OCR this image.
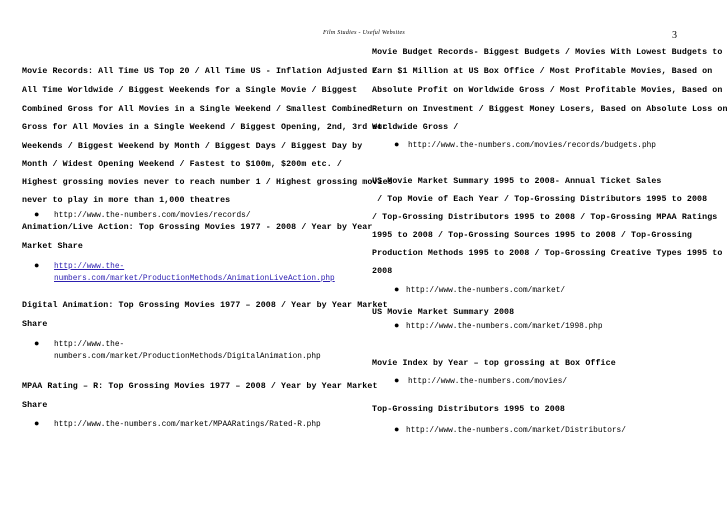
Film Studies - Useful Websites	3
Movie Records: All Time US Top 20 / All Time US - Inflation Adjusted /
All Time Worldwide / Biggest Weekends for a Single Movie / Biggest
Combined Gross for All Movies in a Single Weekend / Smallest Combined
Gross for All Movies in a Single Weekend / Biggest Opening, 2nd, 3rd etc.
Weekends / Biggest Weekend by Month / Biggest Days / Biggest Day by
Month / Widest Opening Weekend / Fastest to $100m, $200m etc. /
Highest grossing movies never to reach number 1 / Highest grossing movies
never to play in more than 1,000 theatres
● http://www.the-numbers.com/movies/records/
Animation/Live Action: Top Grossing Movies 1977 - 2008 / Year by Year
Market Share
● http://www.the-
numbers.com/market/ProductionMethods/AnimationLiveAction.php
Digital Animation: Top Grossing Movies 1977 – 2008 / Year by Year Market
Share
● http://www.the-
numbers.com/market/ProductionMethods/DigitalAnimation.php
MPAA Rating – R: Top Grossing Movies 1977 – 2008 / Year by Year Market
Share
● http://www.the-numbers.com/market/MPAARatings/Rated-R.php
Movie Budget Records- Biggest Budgets / Movies With Lowest Budgets to
Earn $1 Million at US Box Office / Most Profitable Movies, Based on
Absolute Profit on Worldwide Gross / Most Profitable Movies, Based on
Return on Investment / Biggest Money Losers, Based on Absolute Loss on
Worldwide Gross /
● http://www.the-numbers.com/movies/records/budgets.php
US Movie Market Summary 1995 to 2008- Annual Ticket Sales
/ Top Movie of Each Year / Top-Grossing Distributors 1995 to 2008
/ Top-Grossing Distributors 1995 to 2008 / Top-Grossing MPAA Ratings
1995 to 2008 / Top-Grossing Sources 1995 to 2008 / Top-Grossing
Production Methods 1995 to 2008 / Top-Grossing Creative Types 1995 to
2008
● http://www.the-numbers.com/market/
US Movie Market Summary 2008
● http://www.the-numbers.com/market/1998.php
Movie Index by Year – top grossing at Box Office
● http://www.the-numbers.com/movies/
Top-Grossing Distributors 1995 to 2008
● http://www.the-numbers.com/market/Distributors/
